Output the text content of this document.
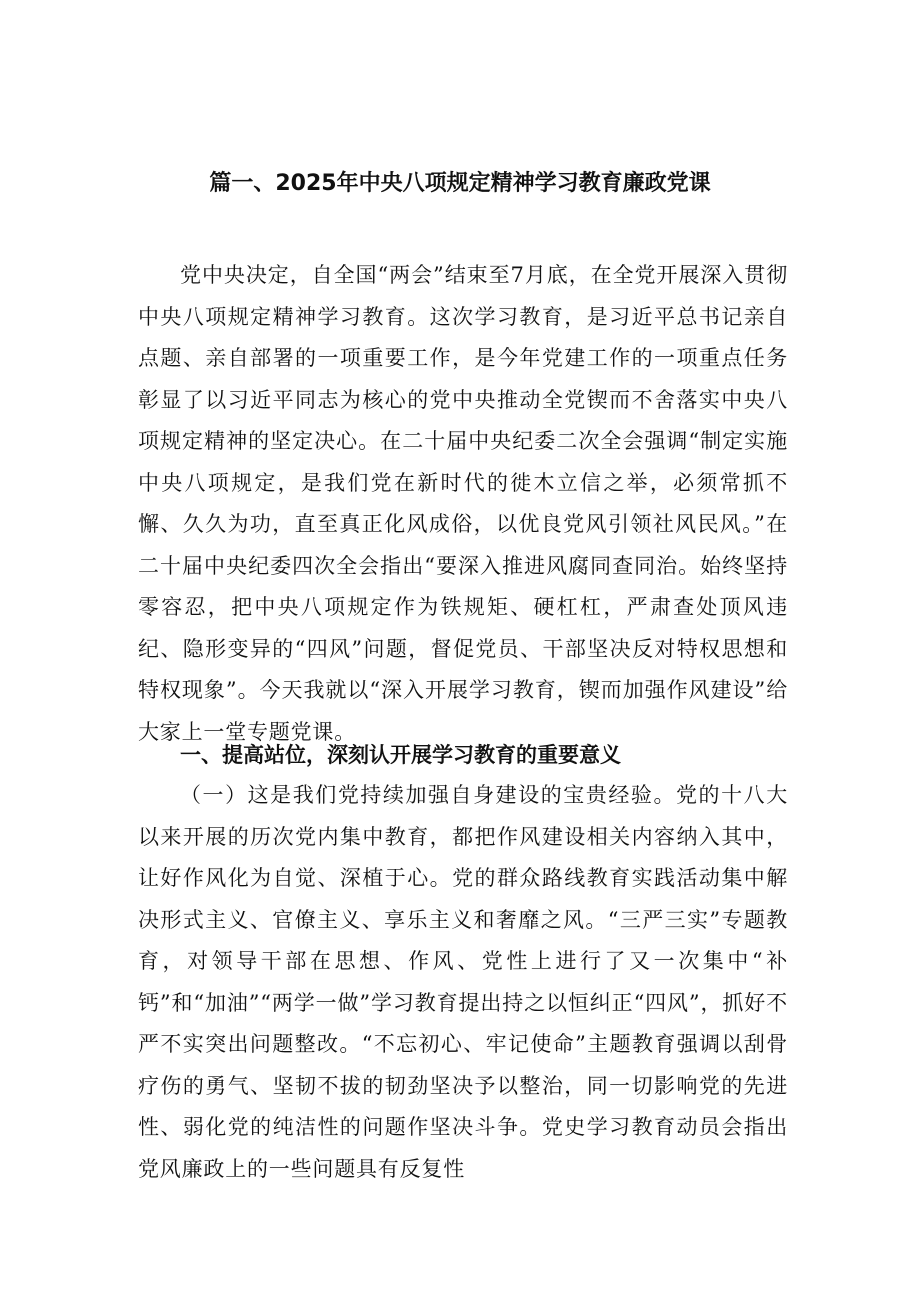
篇一、2025年中央八项规定精神学习教育廉政党课

党中央决定，自全国“两会”结束至7月底，在全党开展深入贯彻中央八项规定精神学习教育。这次学习教育，是习近平总书记亲自点题、亲自部署的一项重要工作，是今年党建工作的一项重点任务彰显了以习近平同志为核心的党中央推动全党锲而不舍落实中央八项规定精神的坚定决心。在二十届中央纪委二次全会强调“制定实施中央八项规定，是我们党在新时代的徙木立信之举，必须常抓不懈、久久为功，直至真正化风成俗，以优良党风引领社风民风。”在二十届中央纪委四次全会指出“要深入推进风腐同查同治。始终坚持零容忍，把中央八项规定作为铁规矩、硬杠杠，严肃查处顶风违纪、隐形变异的“四风”问题，督促党员、干部坚决反对特权思想和特权现象”。今天我就以“深入开展学习教育，锲而加强作风建设”给大家上一堂专题党课。

一、提高站位，深刻认开展学习教育的重要意义

（一）这是我们党持续加强自身建设的宝贵经验。党的十八大以来开展的历次党内集中教育，都把作风建设相关内容纳入其中，让好作风化为自觉、深植于心。党的群众路线教育实践活动集中解决形式主义、官僚主义、享乐主义和奢靡之风。“三严三实”专题教育，对领导干部在思想、作风、党性上进行了又一次集中“补钙”和“加油”“两学一做”学习教育提出持之以恒纠正“四风”，抓好不严不实突出问题整改。“不忘初心、牢记使命”主题教育强调以刮骨疗伤的勇气、坚韧不拔的韧劲坚决予以整治，同一切影响党的先进性、弱化党的纯洁性的问题作坚决斗争。党史学习教育动员会指出党风廉政上的一些问题具有反复性
